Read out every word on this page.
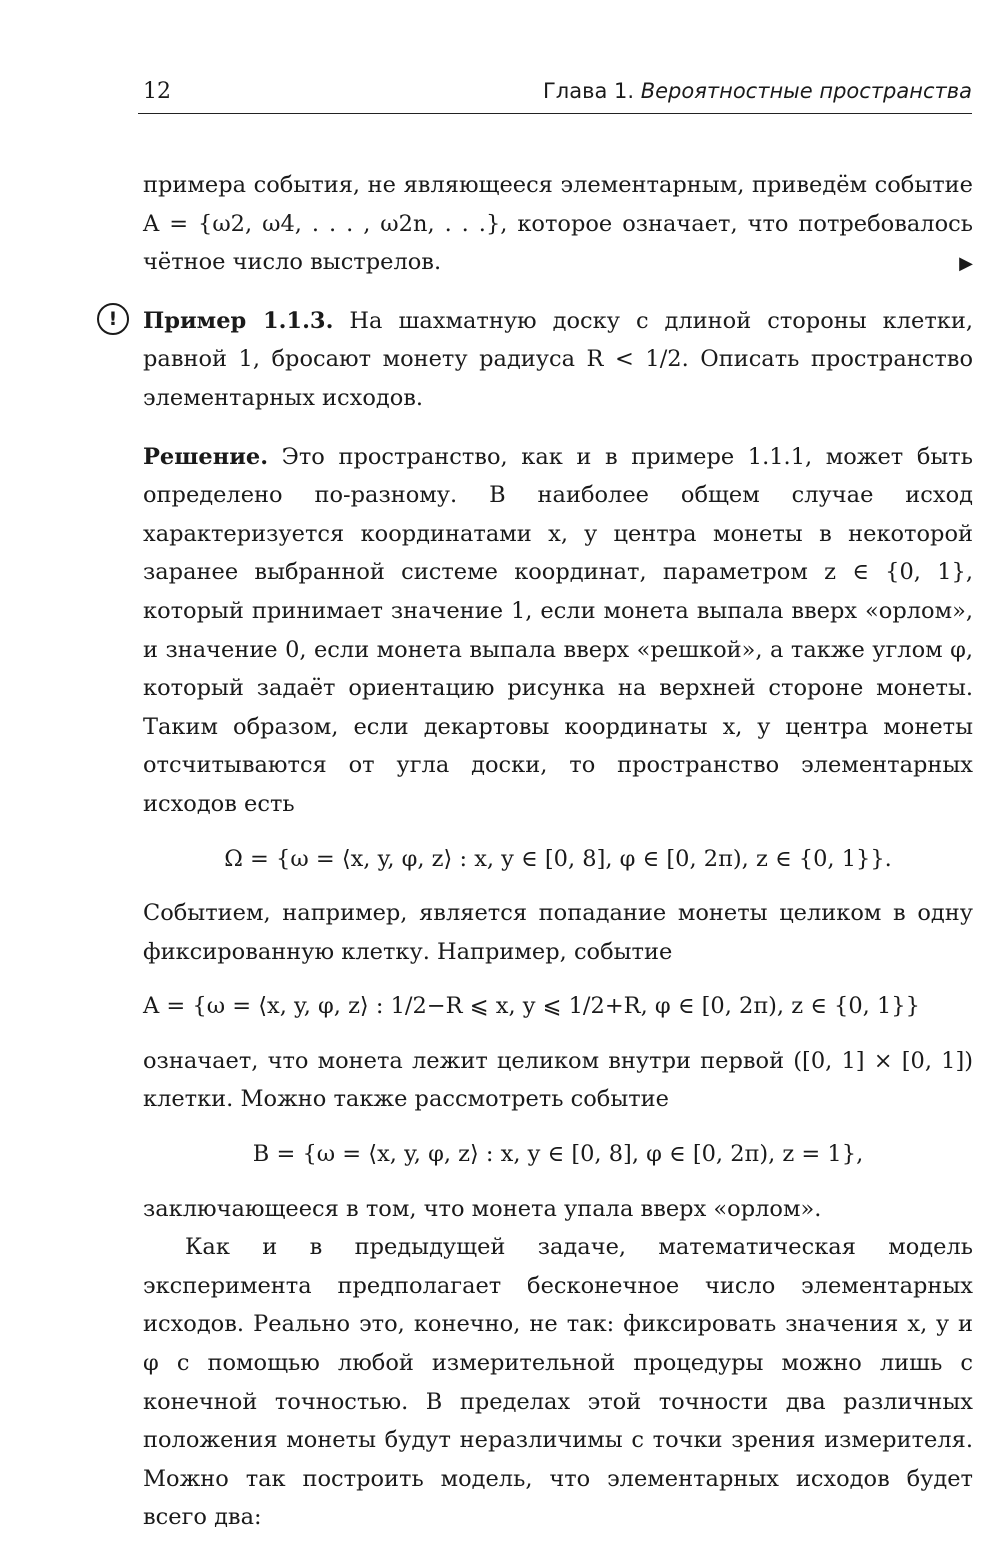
12	Глава 1. Вероятностные пространства
!

примера события, не являющееся элементарным, приведём событие A = {ω2, ω4, . . . , ω2n, . . .}, которое означает, что потребовалось чётное число выстрелов.	▶

Пример 1.1.3. На шахматную доску с длиной стороны клетки, равной 1, бросают монету радиуса R < 1/2. Описать пространство элементарных исходов.

Решение. Это пространство, как и в примере 1.1.1, может быть определено по-разному. В наиболее общем случае исход характеризуется координатами x, y центра монеты в некоторой заранее выбранной системе координат, параметром z ∈ {0, 1}, который принимает значение 1, если монета выпала вверх «орлом», и значение 0, если монета выпала вверх «решкой», а также углом φ, который задаёт ориентацию рисунка на верхней стороне монеты. Таким образом, если декартовы координаты x, y центра монеты отсчитываются от угла доски, то пространство элементарных исходов есть

Ω = {ω = ⟨x, y, φ, z⟩ : x, y ∈ [0, 8], φ ∈ [0, 2π), z ∈ {0, 1}}.

Событием, например, является попадание монеты целиком в одну фиксированную клетку. Например, событие

A = {ω = ⟨x, y, φ, z⟩ : 1/2−R ⩽ x, y ⩽ 1/2+R, φ ∈ [0, 2π), z ∈ {0, 1}}

означает, что монета лежит целиком внутри первой ([0, 1] × [0, 1]) клетки. Можно также рассмотреть событие

B = {ω = ⟨x, y, φ, z⟩ : x, y ∈ [0, 8], φ ∈ [0, 2π), z = 1},

заключающееся в том, что монета упала вверх «орлом».

Как и в предыдущей задаче, математическая модель эксперимента предполагает бесконечное число элементарных исходов. Реально это, конечно, не так: фиксировать значения x, y и φ с помощью любой измерительной процедуры можно лишь с конечной точностью. В пределах этой точности два различных положения монеты будут неразличимы с точки зрения измерителя. Можно так построить модель, что элементарных исходов будет всего два:
